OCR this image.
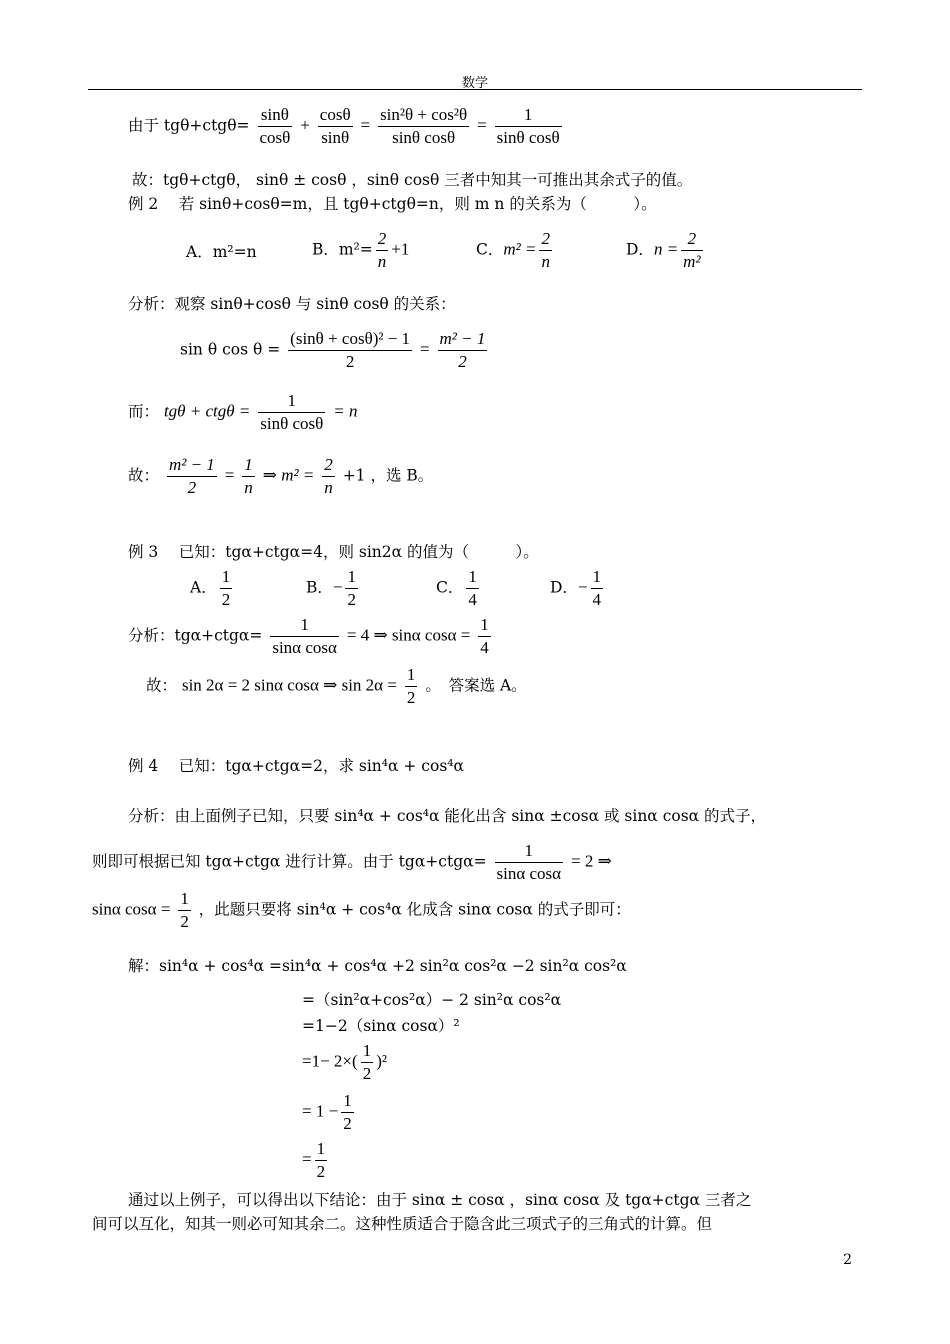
数学
由于 $tg\theta+ctg\theta= \frac{\sin\theta}{\cos\theta} + \frac{\cos\theta}{\sin\theta} = \frac{\text{sin²θ + cos²θ}}{\text{sinθ cosθ}} = \frac{1}{\text{sinθ cosθ}}$
故：tgθ+ctgθ， sinθ ± cosθ ，sinθ cosθ 三者中知其一可推出其余式子的值。
例 2　 若 sinθ+cosθ=m，且 tgθ+ctgθ=n，则 m n 的关系为（　　　）。
A．m²=n	B．$m^2= \frac{2}{n} +1$	C．$m^2 = \frac{2}{n}$	D．$n = \frac{2}{\text{m²}}$
分析：观察 sinθ+cosθ 与 sinθ cosθ 的关系：
sin θ $\cos \theta = \frac{\text{(sinθ + cosθ)² − 1}}{2} = \frac{\text{m² − 1}}{2}$
而： $tg\theta + ctg\theta = \frac{1}{\text{sinθ cosθ}} = n$
故： $\frac{\text{m² − 1}}{2} = \frac{1}{n}$ ⇒ $m^2 = \frac{2}{n} +1$ ，选 B。
例 3　 已知：tgα+ctgα=4，则 sin2α 的值为（　　　）。
A． $\frac{1}{2}$	B．− $\frac{1}{2}$	C． $\frac{1}{4}$	D．− $\frac{1}{4}$
分析：$tg\alpha+ctg\alpha= \frac{1}{\text{sinα cosα}} = 4$ ⇒ sinα $\cos\alpha = \frac{1}{4}$
故： sin 2α = 2 sinα cosα ⇒ $\sin 2\alpha = \frac{1}{2}$ 。　答案选 A。
例 4　 已知：tgα+ctgα=2，求 sin⁴α + cos⁴α
分析：由上面例子已知，只要 sin⁴α + cos⁴α 能化出含 sinα ±cosα 或 sinα cosα 的式子，
则即可根据已知 tgα+ctgα 进行计算。由于 $tg\alpha+ctg\alpha= \frac{1}{\text{sinα cosα}} = 2$ ⇒
sinα $\cos\alpha = \frac{1}{2}$ ，此题只要将 sin⁴α + cos⁴α 化成含 sinα cosα 的式子即可：
解：sin⁴α + cos⁴α =sin⁴α + cos⁴α +2 sin²α cos²α −2 sin²α cos²α
=（sin²α+cos²α）− 2 sin²α cos²α
=1−2（sinα cosα）²
$=1- 2\times( \frac{1}{2} )^2$
= $1 - \frac{1}{2}$
= $\frac{1}{2}$
通过以上例子，可以得出以下结论：由于 sinα ± cosα ，sinα cosα 及 tgα+ctgα 三者之
间可以互化，知其一则必可知其余二。这种性质适合于隐含此三项式子的三角式的计算。但
2
